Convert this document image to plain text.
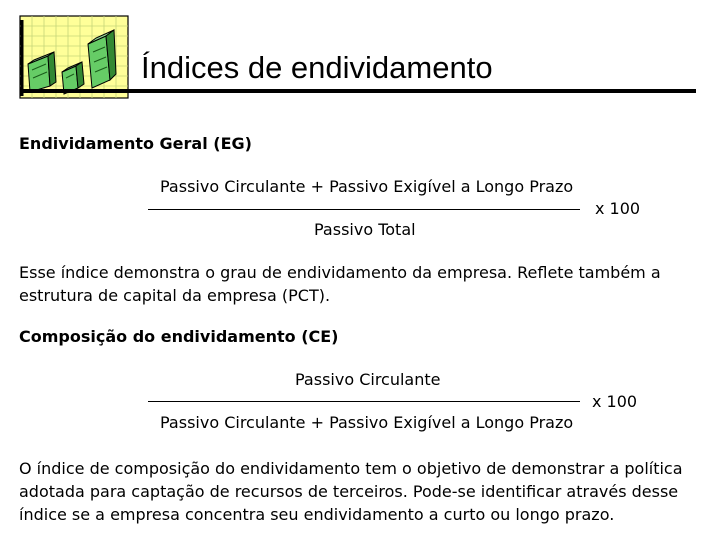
Índices de endividamento
Endividamento Geral (EG)
Passivo Circulante + Passivo Exigível a Longo Prazo
x 100
Passivo Total
Esse índice demonstra o grau de endividamento da empresa. Reflete também a
estrutura de capital da empresa (PCT).
Composição do endividamento (CE)
Passivo Circulante
x 100
Passivo Circulante + Passivo Exigível a Longo Prazo
O índice de composição do endividamento tem o objetivo de demonstrar a política
adotada para captação de recursos de terceiros. Pode-se identificar através desse
índice se a empresa concentra seu endividamento a curto ou longo prazo.
